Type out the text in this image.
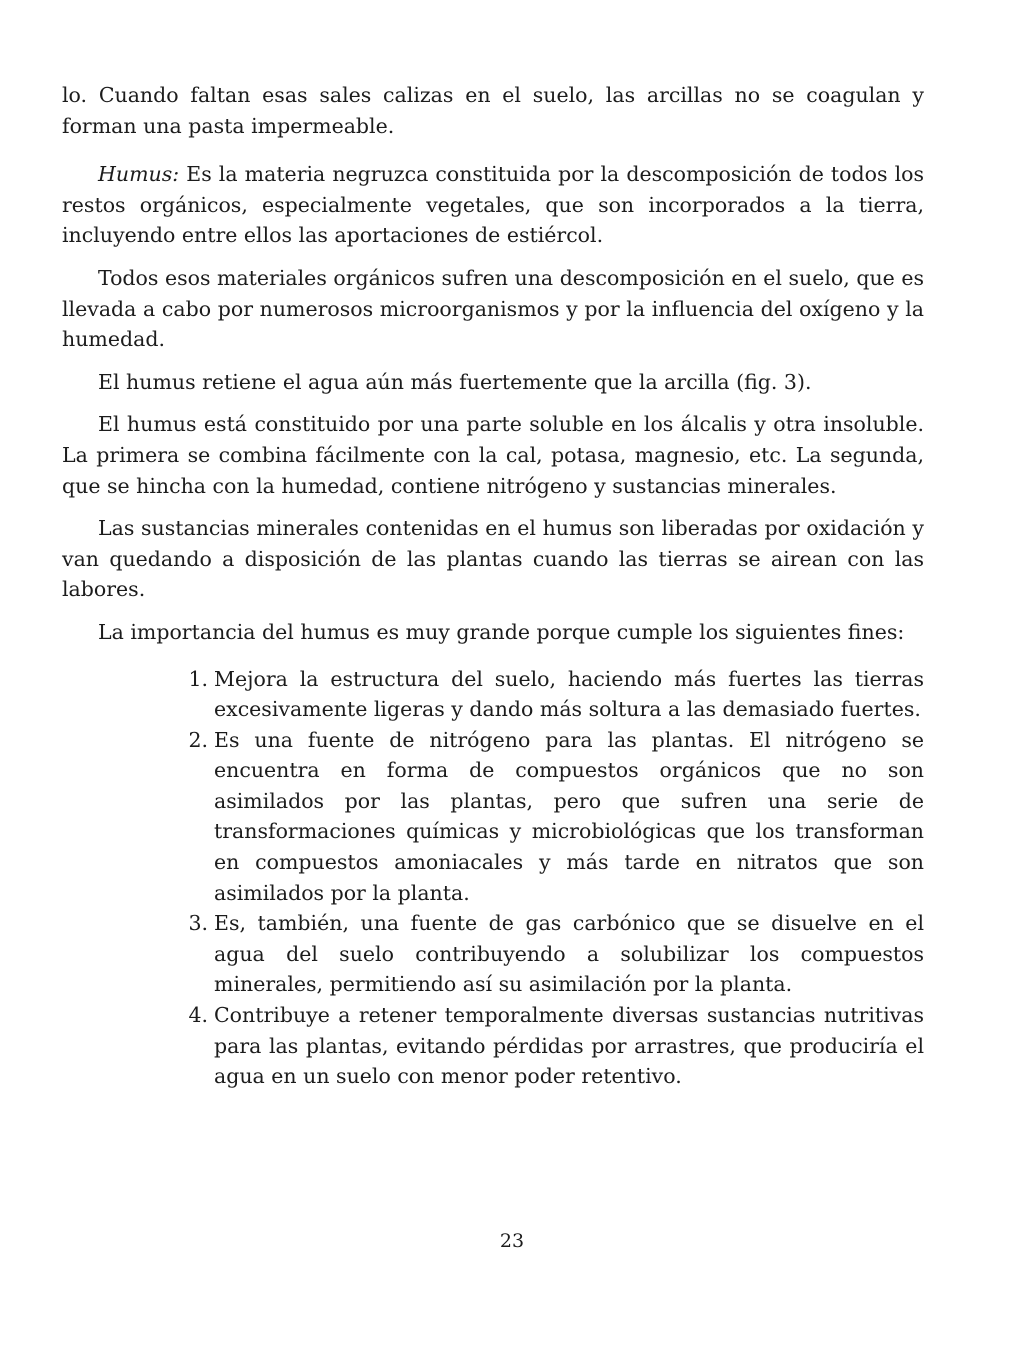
lo. Cuando faltan esas sales calizas en el suelo, las arcillas no se coagulan y forman una pasta impermeable.

Humus: Es la materia negruzca constituida por la descomposición de todos los restos orgánicos, especialmente vegetales, que son incorporados a la tierra, incluyendo entre ellos las aportaciones de estiércol.

Todos esos materiales orgánicos sufren una descomposición en el suelo, que es llevada a cabo por numerosos microorganismos y por la influencia del oxígeno y la humedad.

El humus retiene el agua aún más fuertemente que la arcilla (fig. 3).

El humus está constituido por una parte soluble en los álcalis y otra insoluble. La primera se combina fácilmente con la cal, potasa, magnesio, etc. La segunda, que se hincha con la humedad, contiene nitrógeno y sustancias minerales.

Las sustancias minerales contenidas en el humus son liberadas por oxidación y van quedando a disposición de las plantas cuando las tierras se airean con las labores.

La importancia del humus es muy grande porque cumple los siguientes fines:

1. Mejora la estructura del suelo, haciendo más fuertes las tierras excesivamente ligeras y dando más soltura a las demasiado fuertes.
2. Es una fuente de nitrógeno para las plantas. El nitrógeno se encuentra en forma de compuestos orgánicos que no son asimilados por las plantas, pero que sufren una serie de transformaciones químicas y microbiológicas que los transforman en compuestos amoniacales y más tarde en nitratos que son asimilados por la planta.
3. Es, también, una fuente de gas carbónico que se disuelve en el agua del suelo contribuyendo a solubilizar los compuestos minerales, permitiendo así su asimilación por la planta.
4. Contribuye a retener temporalmente diversas sustancias nutritivas para las plantas, evitando pérdidas por arrastres, que produciría el agua en un suelo con menor poder retentivo.
23
